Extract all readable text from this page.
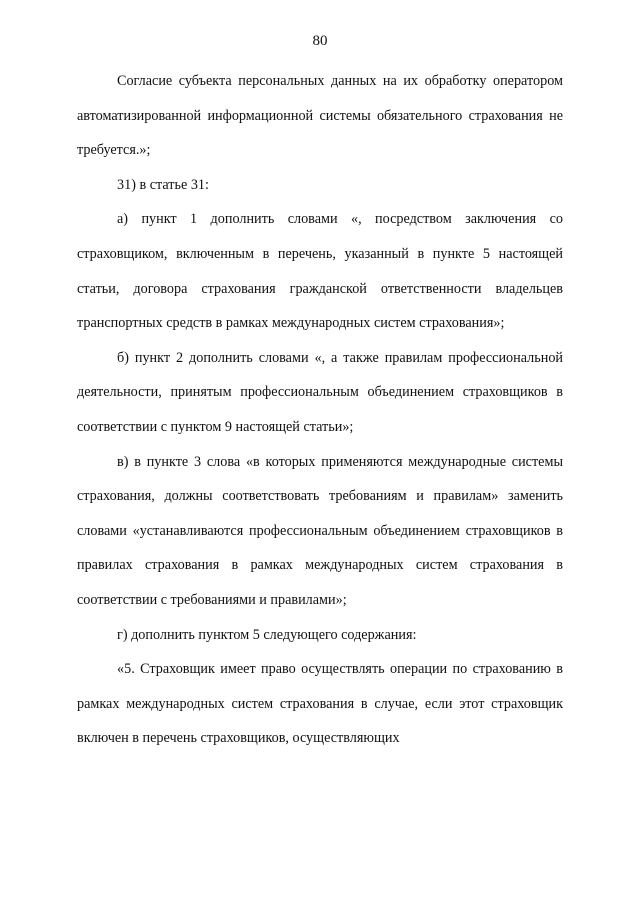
80

Согласие субъекта персональных данных на их обработку оператором автоматизированной информационной системы обязательного страхования не требуется.»;

31) в статье 31:

а) пункт 1 дополнить словами «, посредством заключения со страховщиком, включенным в перечень, указанный в пункте 5 настоящей статьи, договора страхования гражданской ответственности владельцев транспортных средств в рамках международных систем страхования»;

б) пункт 2 дополнить словами «, а также правилам профессиональной деятельности, принятым профессиональным объединением страховщиков в соответствии с пунктом 9 настоящей статьи»;

в) в пункте 3 слова «в которых применяются международные системы страхования, должны соответствовать требованиям и правилам» заменить словами «устанавливаются профессиональным объединением страховщиков в правилах страхования в рамках международных систем страхования в соответствии с требованиями и правилами»;

г) дополнить пунктом 5 следующего содержания:

«5. Страховщик имеет право осуществлять операции по страхованию в рамках международных систем страхования в случае, если этот страховщик включен в перечень страховщиков, осуществляющих
